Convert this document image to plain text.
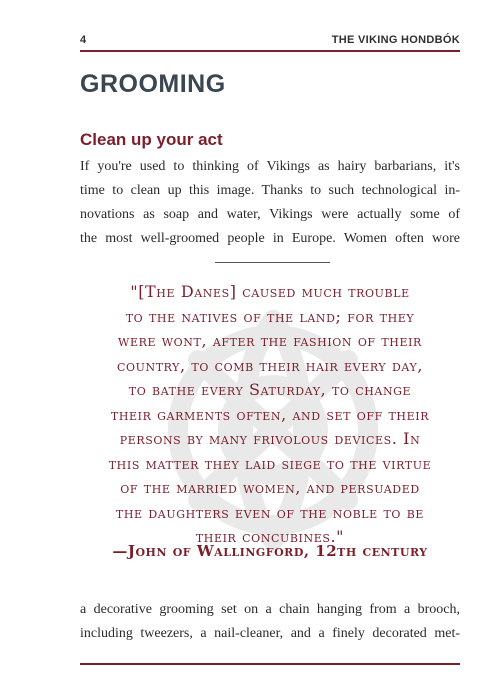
4	THE VIKING HONDBÓK
GROOMING
Clean up your act
If you're used to thinking of Vikings as hairy barbarians, it's
time to clean up this image. Thanks to such technological in-
novations as soap and water, Vikings were actually some of
the most well-groomed people in Europe. Women often wore
"[The Danes] caused much trouble
to the natives of the land; for they
were wont, after the fashion of their
country, to comb their hair every day,
to bathe every Saturday, to change
their garments often, and set off their
persons by many frivolous devices. In
this matter they laid siege to the virtue
of the married women, and persuaded
the daughters even of the noble to be
their concubines."
—John of Wallingford, 12th century
a decorative grooming set on a chain hanging from a brooch,
including tweezers, a nail-cleaner, and a finely decorated met-
